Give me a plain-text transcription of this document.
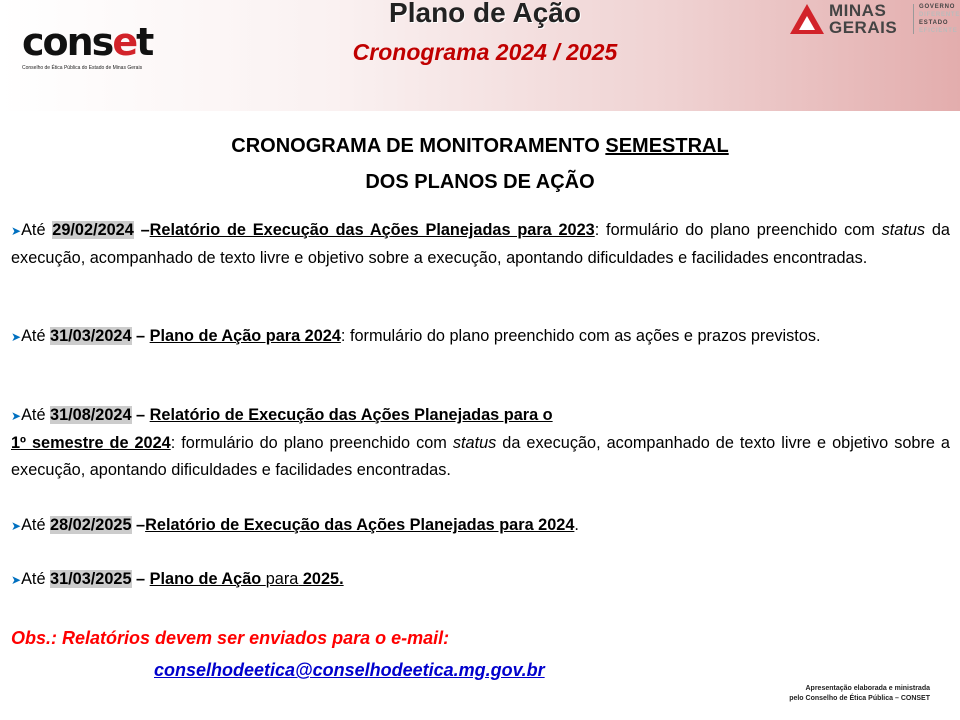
conset
Conselho de Ética Pública do Estado de Minas Gerais
Plano de Ação
Cronograma 2024 / 2025
MINAS
GERAIS
GOVERNO
DIFERENTE
ESTADO
EFICIENTE
CRONOGRAMA DE MONITORAMENTO SEMESTRAL
DOS PLANOS DE AÇÃO
➤Até 29/02/2024 –Relatório de Execução das Ações Planejadas para 2023: formulário do plano preenchido com status da execução, acompanhado de texto livre e objetivo sobre a execução, apontando dificuldades e facilidades encontradas.
➤Até 31/03/2024 – Plano de Ação para 2024: formulário do plano preenchido com as ações e prazos previstos.
➤Até 31/08/2024 – Relatório de Execução das Ações Planejadas para o
1º semestre de 2024: formulário do plano preenchido com status da execução, acompanhado de texto livre e objetivo sobre a execução, apontando dificuldades e facilidades encontradas.
➤Até 28/02/2025 –Relatório de Execução das Ações Planejadas para 2024.
➤Até 31/03/2025 – Plano de Ação para 2025.
Obs.: Relatórios devem ser enviados para o e-mail:
conselhodeetica@conselhodeetica.mg.gov.br
Apresentação elaborada e ministrada
pelo Conselho de Ética Pública – CONSET
